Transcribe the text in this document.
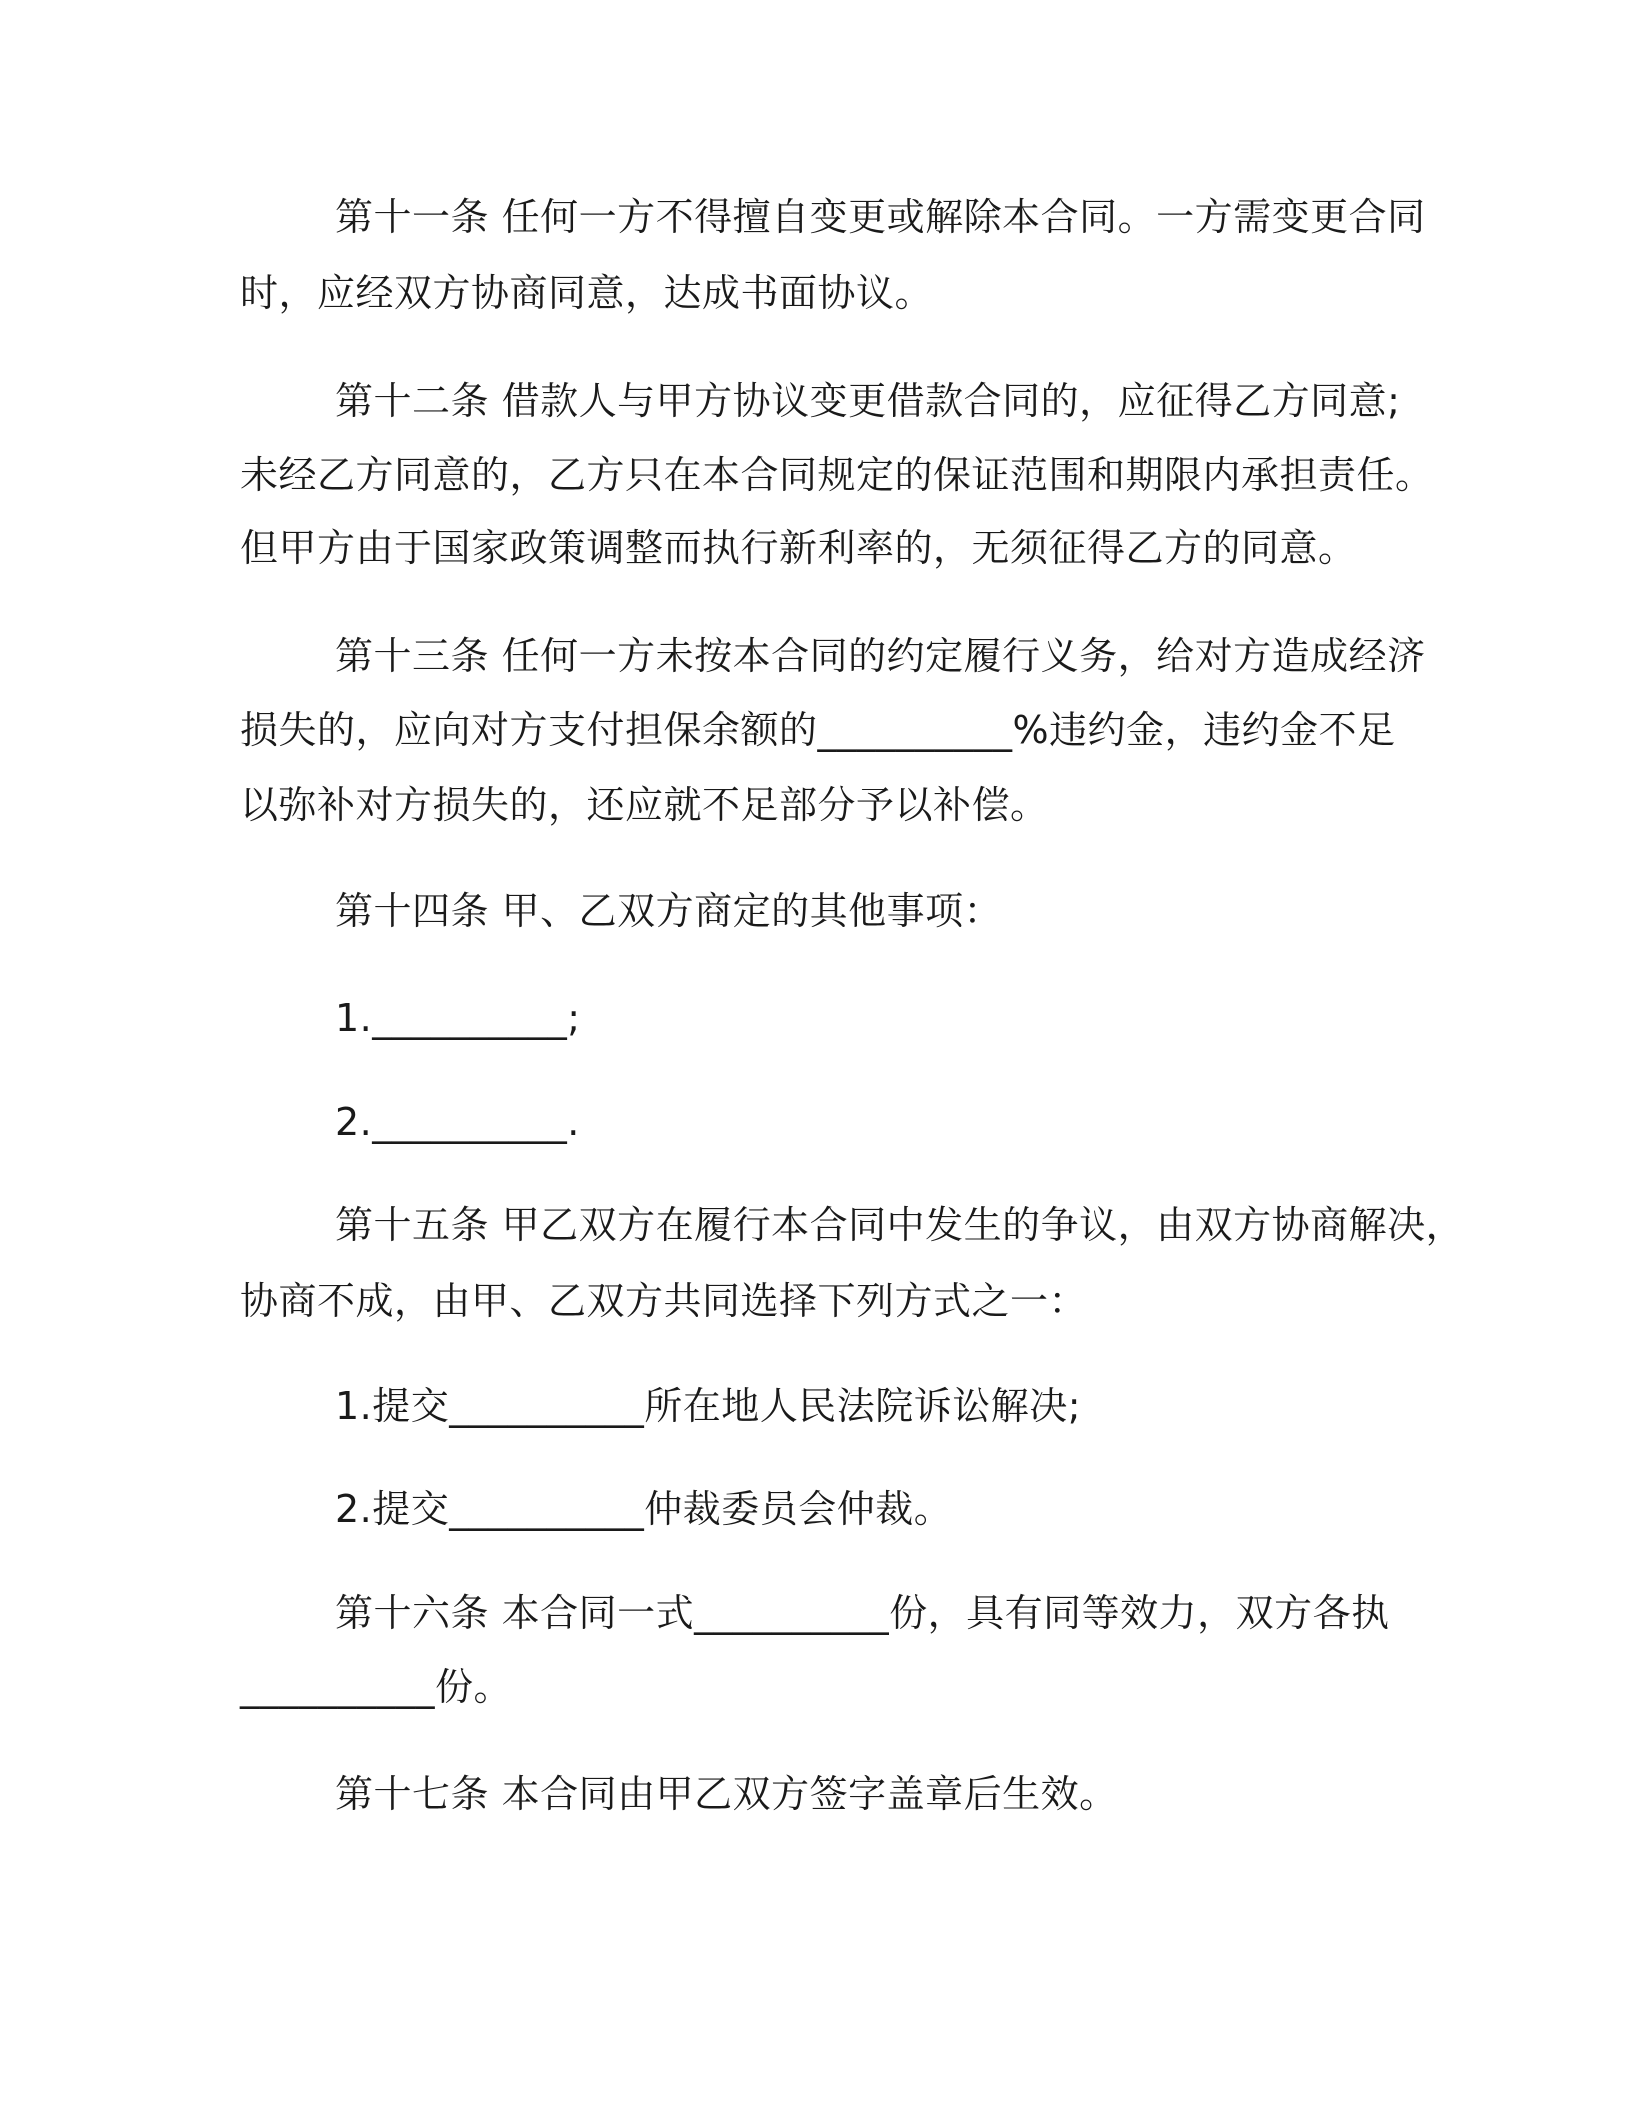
第十一条 任何一方不得擅自变更或解除本合同。一方需变更合同
时，应经双方协商同意，达成书面协议。
第十二条 借款人与甲方协议变更借款合同的，应征得乙方同意;
未经乙方同意的，乙方只在本合同规定的保证范围和期限内承担责任。
但甲方由于国家政策调整而执行新利率的，无须征得乙方的同意。
第十三条 任何一方未按本合同的约定履行义务，给对方造成经济
损失的，应向对方支付担保余额的__________%违约金，违约金不足
以弥补对方损失的，还应就不足部分予以补偿。
第十四条 甲、乙双方商定的其他事项：
1.__________;
2.__________.
第十五条 甲乙双方在履行本合同中发生的争议，由双方协商解决，
协商不成，由甲、乙双方共同选择下列方式之一：
1.提交__________所在地人民法院诉讼解决;
2.提交__________仲裁委员会仲裁。
第十六条 本合同一式__________份，具有同等效力，双方各执
__________份。
第十七条 本合同由甲乙双方签字盖章后生效。
